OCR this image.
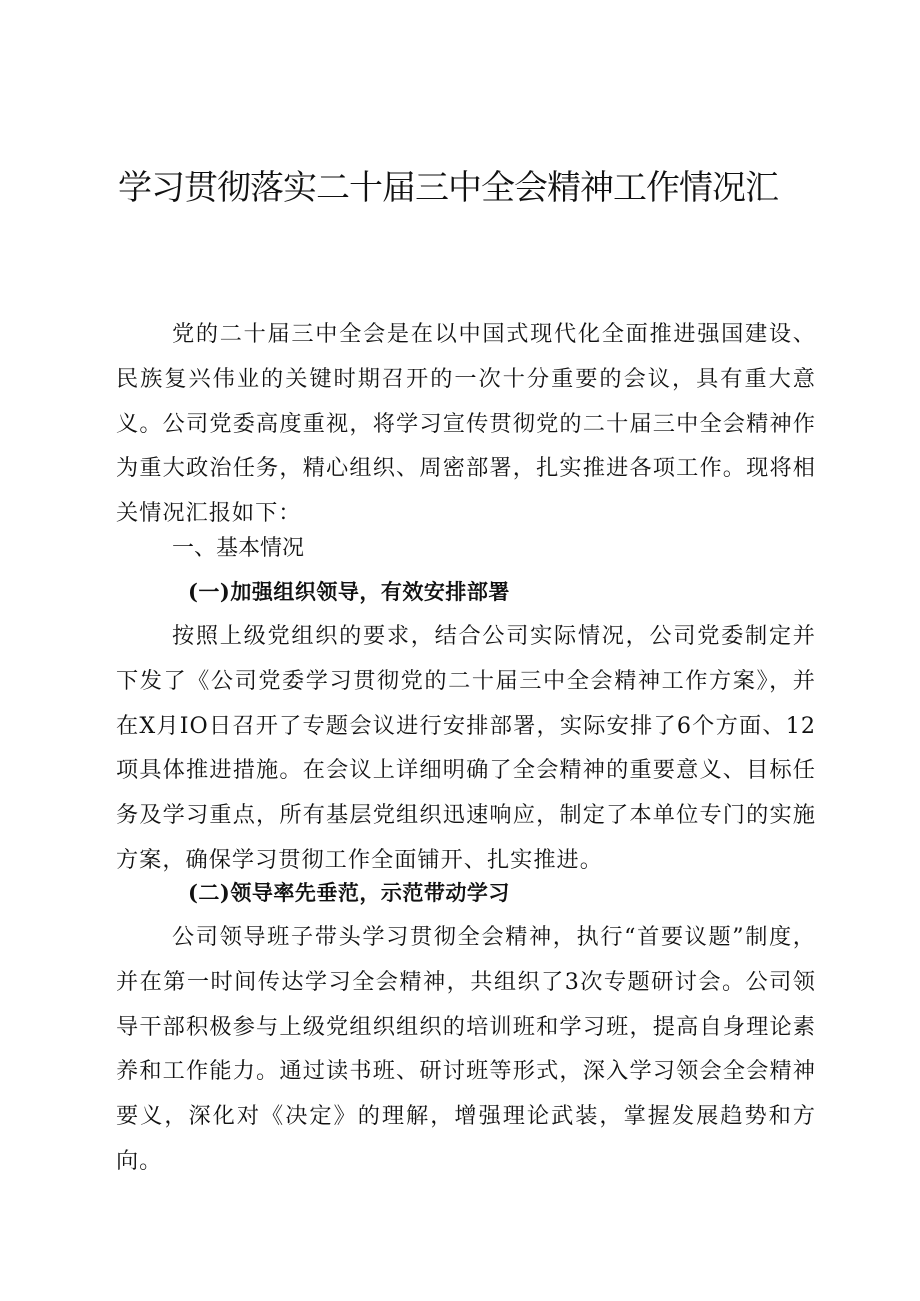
学习贯彻落实二十届三中全会精神工作情况汇

党的二十届三中全会是在以中国式现代化全面推进强国建设、民族复兴伟业的关键时期召开的一次十分重要的会议，具有重大意义。公司党委高度重视，将学习宣传贯彻党的二十届三中全会精神作为重大政治任务，精心组织、周密部署，扎实推进各项工作。现将相关情况汇报如下：

一、基本情况

(一)加强组织领导，有效安排部署

按照上级党组织的要求，结合公司实际情况，公司党委制定并下发了《公司党委学习贯彻党的二十届三中全会精神工作方案》，并在X月IO日召开了专题会议进行安排部署，实际安排了6个方面、12项具体推进措施。在会议上详细明确了全会精神的重要意义、目标任务及学习重点，所有基层党组织迅速响应，制定了本单位专门的实施方案，确保学习贯彻工作全面铺开、扎实推进。

(二)领导率先垂范，示范带动学习

公司领导班子带头学习贯彻全会精神，执行“首要议题”制度，并在第一时间传达学习全会精神，共组织了3次专题研讨会。公司领导干部积极参与上级党组织组织的培训班和学习班，提高自身理论素养和工作能力。通过读书班、研讨班等形式，深入学习领会全会精神要义，深化对《决定》的理解，增强理论武装，掌握发展趋势和方向。
